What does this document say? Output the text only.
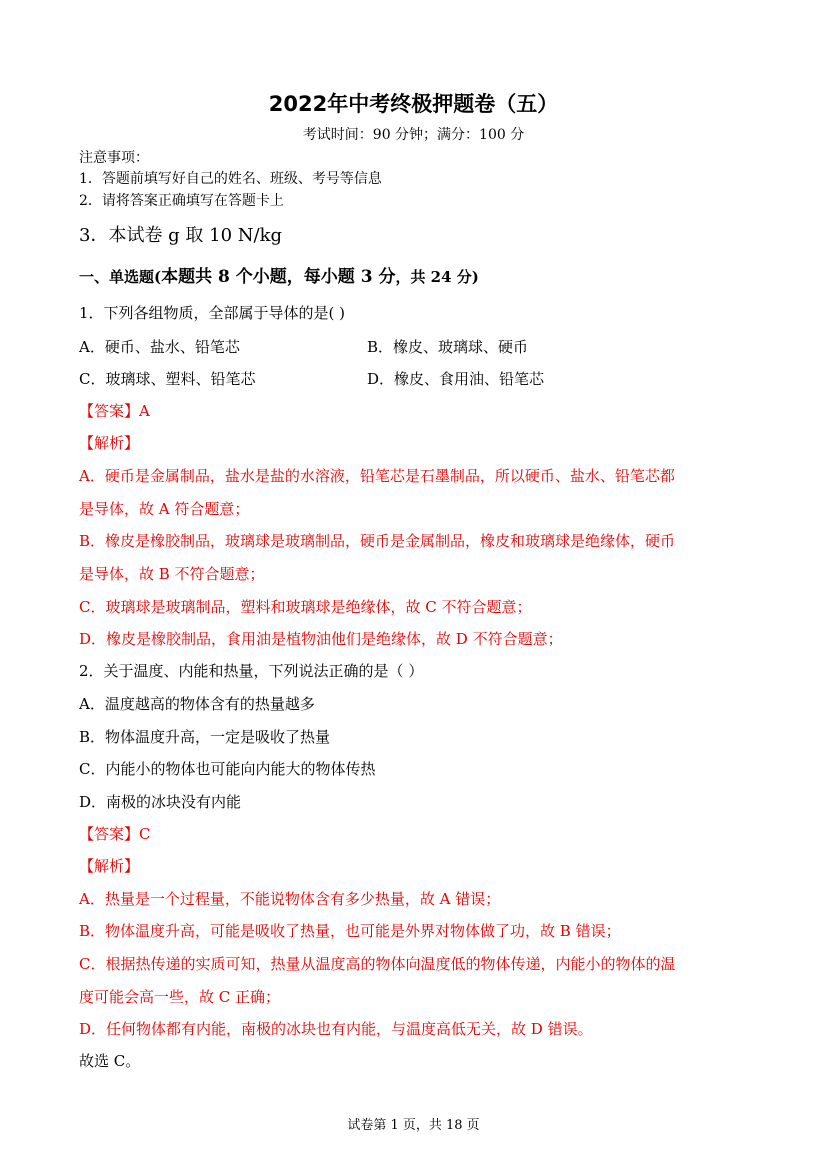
2022年中考终极押题卷（五）
考试时间：90 分钟；满分：100 分
注意事项：
1．答题前填写好自己的姓名、班级、考号等信息
2．请将答案正确填写在答题卡上
3．本试卷 g 取 10 N/kg
一、单选题(本题共 8 个小题，每小题 3 分，共 24 分)
1．下列各组物质，全部属于导体的是( )
A．硬币、盐水、铅笔芯	B．橡皮、玻璃球、硬币
C．玻璃球、塑料、铅笔芯	D．橡皮、食用油、铅笔芯
【答案】A
【解析】
A．硬币是金属制品，盐水是盐的水溶液，铅笔芯是石墨制品，所以硬币、盐水、铅笔芯都
是导体，故 A 符合题意；
B．橡皮是橡胶制品，玻璃球是玻璃制品，硬币是金属制品，橡皮和玻璃球是绝缘体，硬币
是导体，故 B 不符合题意；
C．玻璃球是玻璃制品，塑料和玻璃球是绝缘体，故 C 不符合题意；
D．橡皮是橡胶制品，食用油是植物油他们是绝缘体，故 D 不符合题意；
2．关于温度、内能和热量，下列说法正确的是（ ）
A．温度越高的物体含有的热量越多
B．物体温度升高，一定是吸收了热量
C．内能小的物体也可能向内能大的物体传热
D．南极的冰块没有内能
【答案】C
【解析】
A．热量是一个过程量，不能说物体含有多少热量，故 A 错误；
B．物体温度升高，可能是吸收了热量，也可能是外界对物体做了功，故 B 错误；
C．根据热传递的实质可知，热量从温度高的物体向温度低的物体传递，内能小的物体的温
度可能会高一些，故 C 正确；
D．任何物体都有内能，南极的冰块也有内能，与温度高低无关，故 D 错误。
故选 C。
试卷第 1 页，共 18 页
